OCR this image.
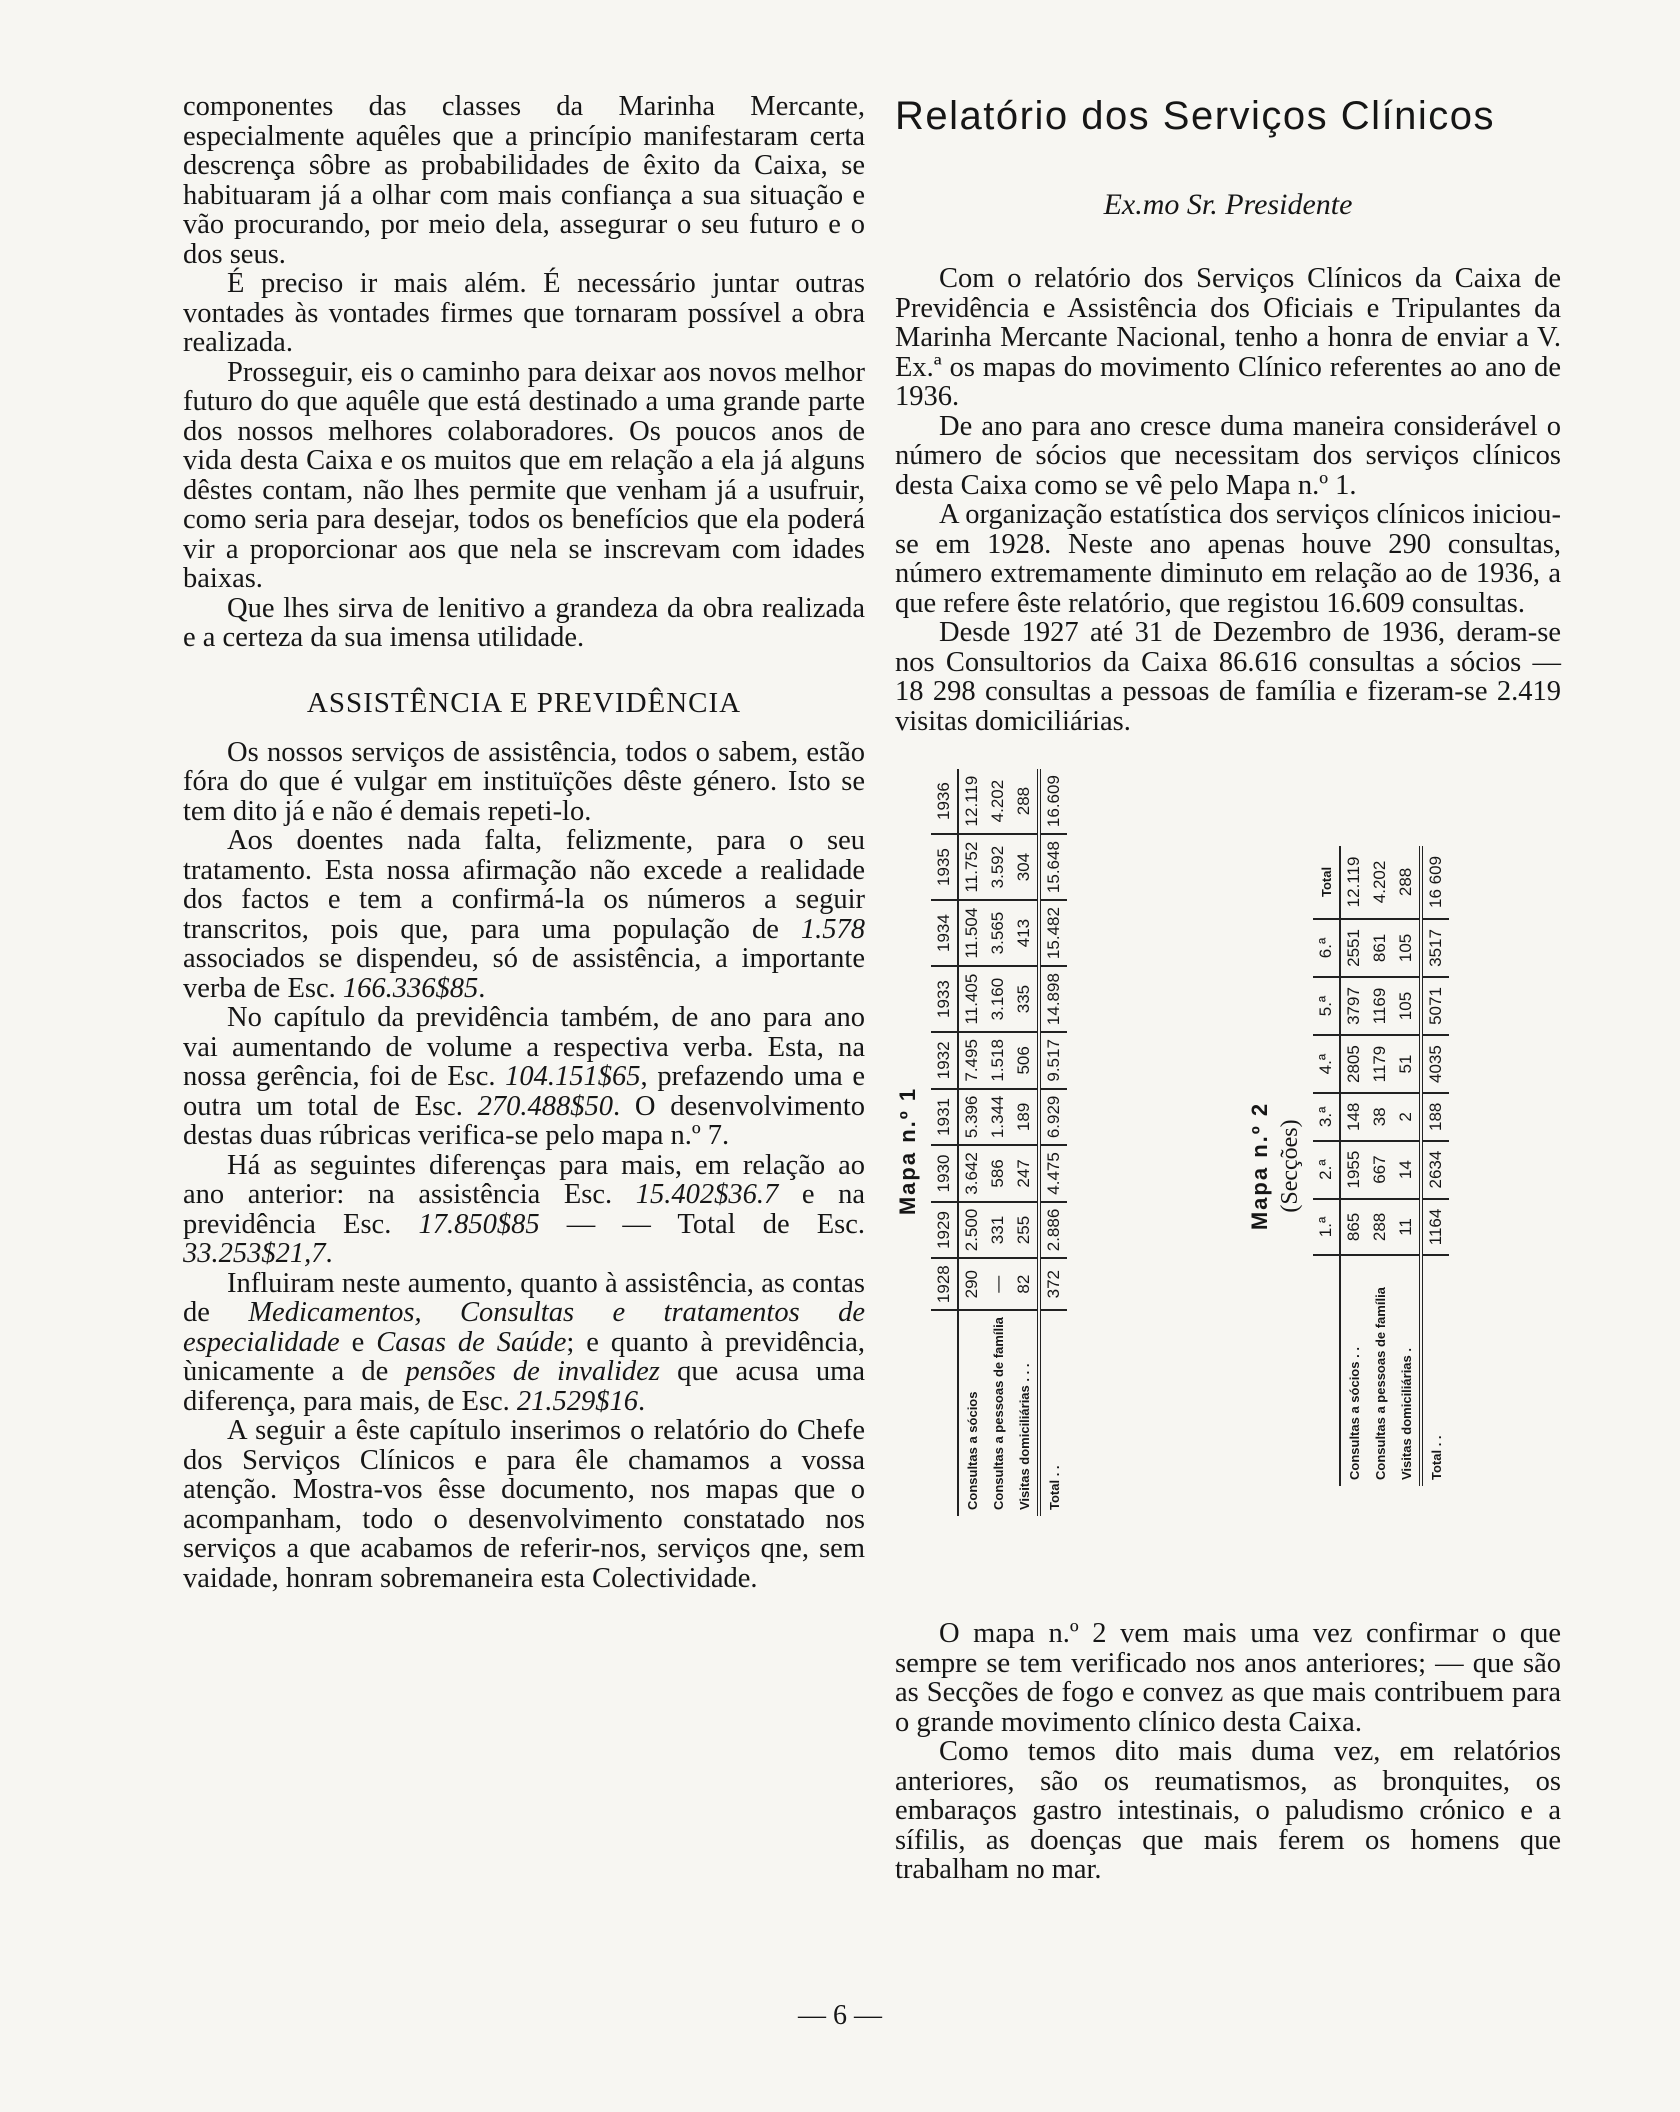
componentes das classes da Marinha Mercante, especialmente aquêles que a princípio manifestaram certa descrença sôbre as probabilidades de êxito da Caixa, se habituaram já a olhar com mais confiança a sua situação e vão procurando, por meio dela, assegurar o seu futuro e o dos seus.

É preciso ir mais além. É necessário juntar outras vontades às vontades firmes que tornaram possível a obra realizada.

Prosseguir, eis o caminho para deixar aos novos melhor futuro do que aquêle que está destinado a uma grande parte dos nossos melhores colaboradores. Os poucos anos de vida desta Caixa e os muitos que em relação a ela já alguns dêstes contam, não lhes permite que venham já a usufruir, como seria para desejar, todos os benefícios que ela poderá vir a proporcionar aos que nela se inscrevam com idades baixas.

Que lhes sirva de lenitivo a grandeza da obra realizada e a certeza da sua imensa utilidade.

ASSISTÊNCIA E PREVIDÊNCIA

Os nossos serviços de assistência, todos o sabem, estão fóra do que é vulgar em instituïções dêste género. Isto se tem dito já e não é demais repeti-lo.

Aos doentes nada falta, felizmente, para o seu tratamento. Esta nossa afirmação não excede a realidade dos factos e tem a confirmá-la os números a seguir transcritos, pois que, para uma população de 1.578 associados se dispendeu, só de assistência, a importante verba de Esc. 166.336$85.

No capítulo da previdência também, de ano para ano vai aumentando de volume a respectiva verba. Esta, na nossa gerência, foi de Esc. 104.151$65, prefazendo uma e outra um total de Esc. 270.488$50. O desenvolvimento destas duas rúbricas verifica-se pelo mapa n.º 7.

Há as seguintes diferenças para mais, em relação ao ano anterior: na assistência Esc. 15.402$36.7 e na previdência Esc. 17.850$85 — — Total de Esc. 33.253$21,7.

Influiram neste aumento, quanto à assistência, as contas de Medicamentos, Consultas e tratamentos de especialidade e Casas de Saúde; e quanto à previdência, ùnicamente a de pensões de invalidez que acusa uma diferença, para mais, de Esc. 21.529$16.

A seguir a êste capítulo inserimos o relatório do Chefe dos Serviços Clínicos e para êle chamamos a vossa atenção. Mostra-vos êsse documento, nos mapas que o acompanham, todo o desenvolvimento constatado nos serviços a que acabamos de referir-nos, serviços qne, sem vaidade, honram sobremaneira esta Colectividade.

Relatório dos Serviços Clínicos
Ex.mo Sr. Presidente

Com o relatório dos Serviços Clínicos da Caixa de Previdência e Assistência dos Oficiais e Tripulantes da Marinha Mercante Nacional, tenho a honra de enviar a V. Ex.ª os mapas do movimento Clínico referentes ao ano de 1936.

De ano para ano cresce duma maneira considerável o número de sócios que necessitam dos serviços clínicos desta Caixa como se vê pelo Mapa n.º 1.

A organização estatística dos serviços clínicos iniciou-se em 1928. Neste ano apenas houve 290 consultas, número extremamente diminuto em relação ao de 1936, a que refere êste relatório, que registou 16.609 consultas.

Desde 1927 até 31 de Dezembro de 1936, deram-se nos Consultorios da Caixa 86.616 consultas a sócios — 18 298 consultas a pessoas de família e fizeram-se 2.419 visitas domiciliárias.

Mapa n.º 1
	1928	1929	1930	1931	1932	1933	1934	1935	1936
Consultas a sócios	290	2.500	3.642	5.396	7.495	11.405	11.504	11.752	12.119
Consultas a pessoas de família	—	331	586	1.344	1.518	3.160	3.565	3.592	4.202
Visitas domiciliárias . . .	82	255	247	189	506	335	413	304	288
Total . .	372	2.886	4.475	6.929	9.517	14.898	15.482	15.648	16.609
Mapa n.º 2 (Secções)
	1.ª	2.ª	3.ª	4.ª	5.ª	6.ª	Total
Consultas a sócios . .	865	1955	148	2805	3797	2551	12.119
Consultas a pessoas de família	288	667	38	1179	1169	861	4.202
Visitas domiciliárias .	11	14	2	51	105	105	288
Total . .	1164	2634	188	4035	5071	3517	16 609

O mapa n.º 2 vem mais uma vez confirmar o que sempre se tem verificado nos anos anteriores; — que são as Secções de fogo e convez as que mais contribuem para o grande movimento clínico desta Caixa.

Como temos dito mais duma vez, em relatórios anteriores, são os reumatismos, as bronquites, os embaraços gastro intestinais, o paludismo crónico e a sífilis, as doenças que mais ferem os homens que trabalham no mar.

— 6 —
